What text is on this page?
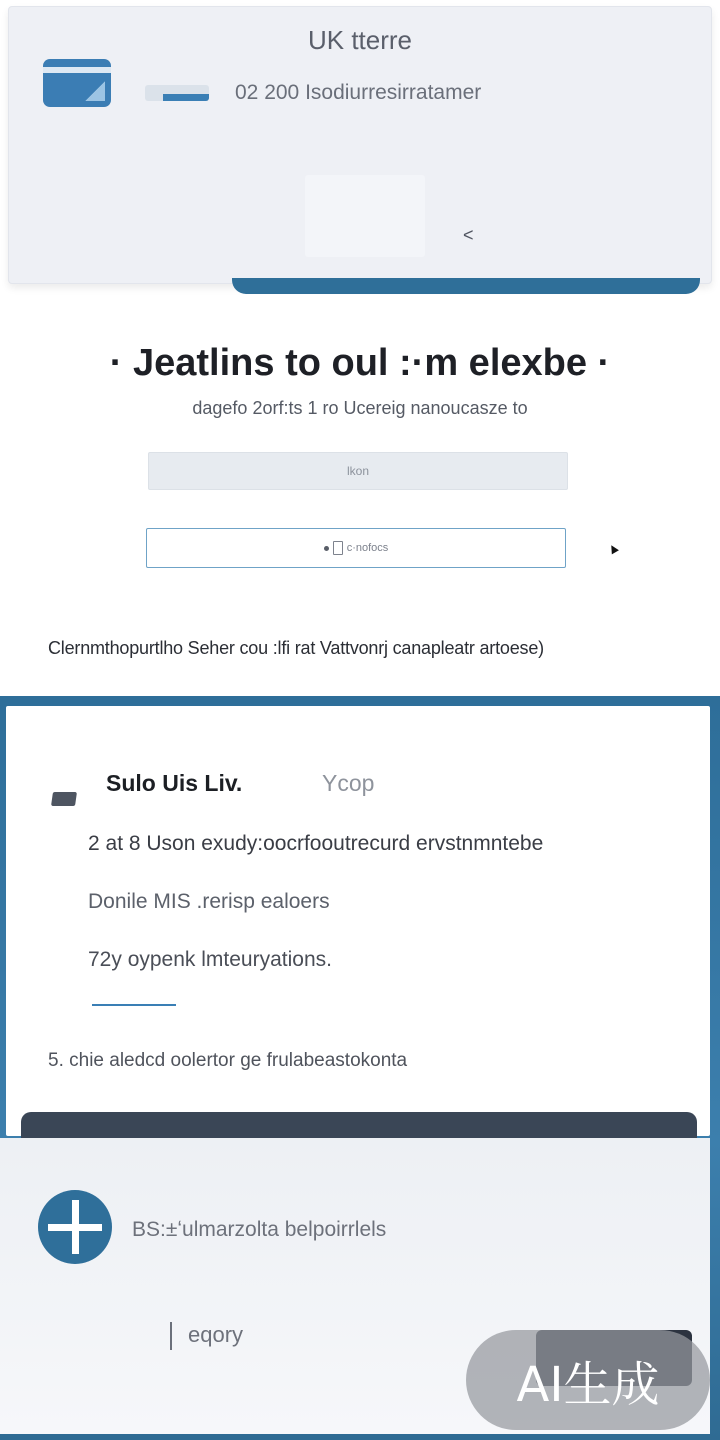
UK tterre
02 200 Isodiurresirratamer
<
· Jeatlins to oul :·m elexbe ·
dagefo 2orf:ts 1 ro Ucereig nanoucasze to
lkon
c·nofocs	▲
Clernmthopurtlho Seher cou :lfi rat Vattvonrj canapleatr artoese)
Sulo Uis Liv.	Ycop
2 at 8 Uson exudy:oocrfooutrecurd ervstnmntebe
Donile MIS .rerisp ealoers
72y oypenk lmteuryations.
5. chie aledcd oolertor ge frulabeastokonta
BS:±ʻulmarzolta belpoirrlels
eqory
AI生成
